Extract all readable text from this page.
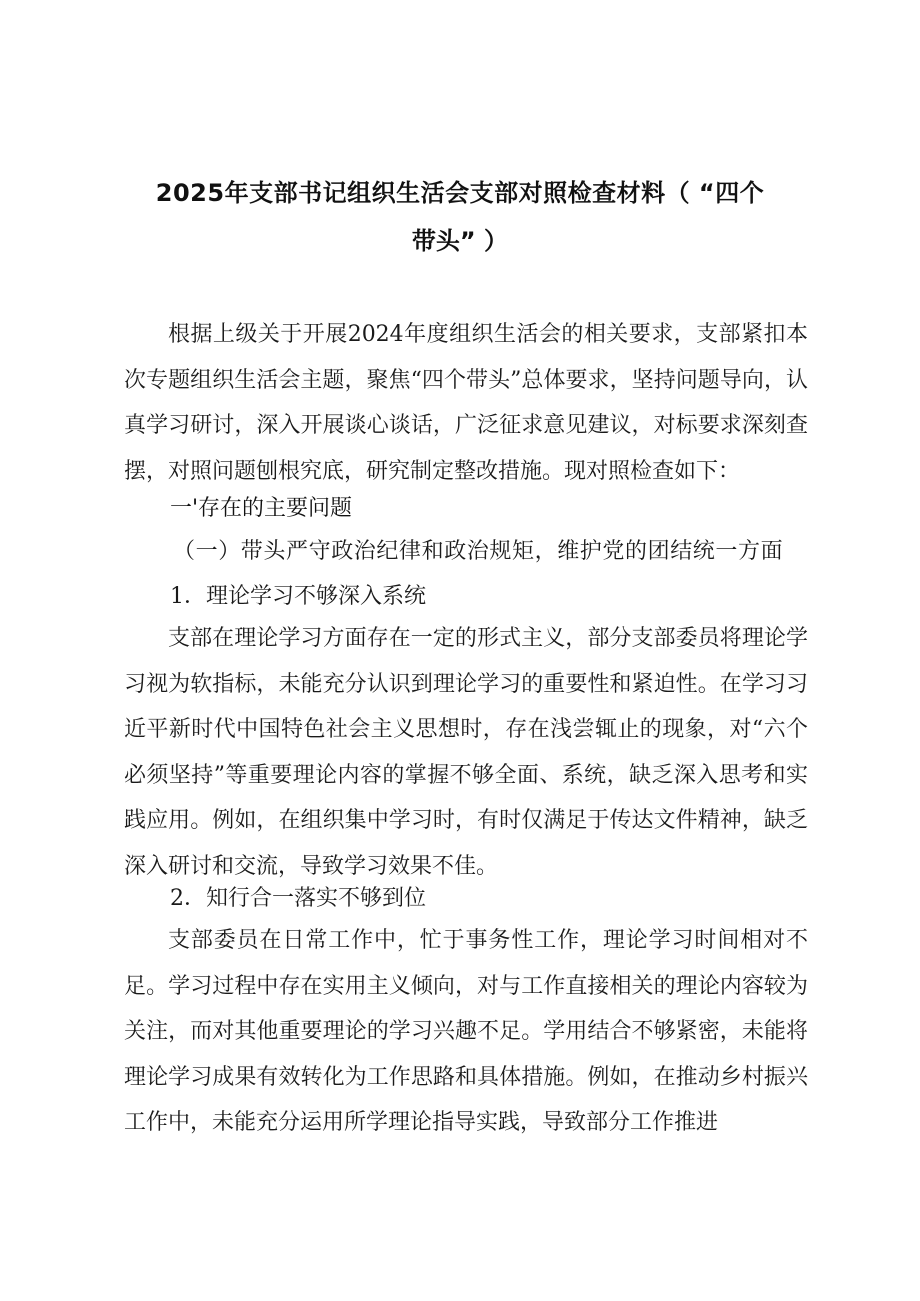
2025年支部书记组织生活会支部对照检查材料（ “四个
带头” ）

根据上级关于开展2024年度组织生活会的相关要求，支部紧扣本次专题组织生活会主题，聚焦“四个带头”总体要求，坚持问题导向，认真学习研讨，深入开展谈心谈话，广泛征求意见建议，对标要求深刻查摆，对照问题刨根究底，研究制定整改措施。现对照检查如下：

一'存在的主要问题

（一）带头严守政治纪律和政治规矩，维护党的团结统一方面

1．理论学习不够深入系统

支部在理论学习方面存在一定的形式主义，部分支部委员将理论学习视为软指标，未能充分认识到理论学习的重要性和紧迫性。在学习习近平新时代中国特色社会主义思想时，存在浅尝辄止的现象，对“六个必须坚持”等重要理论内容的掌握不够全面、系统，缺乏深入思考和实践应用。例如，在组织集中学习时，有时仅满足于传达文件精神，缺乏深入研讨和交流，导致学习效果不佳。

2．知行合一落实不够到位

支部委员在日常工作中，忙于事务性工作，理论学习时间相对不足。学习过程中存在实用主义倾向，对与工作直接相关的理论内容较为关注，而对其他重要理论的学习兴趣不足。学用结合不够紧密，未能将理论学习成果有效转化为工作思路和具体措施。例如，在推动乡村振兴工作中，未能充分运用所学理论指导实践，导致部分工作推进
